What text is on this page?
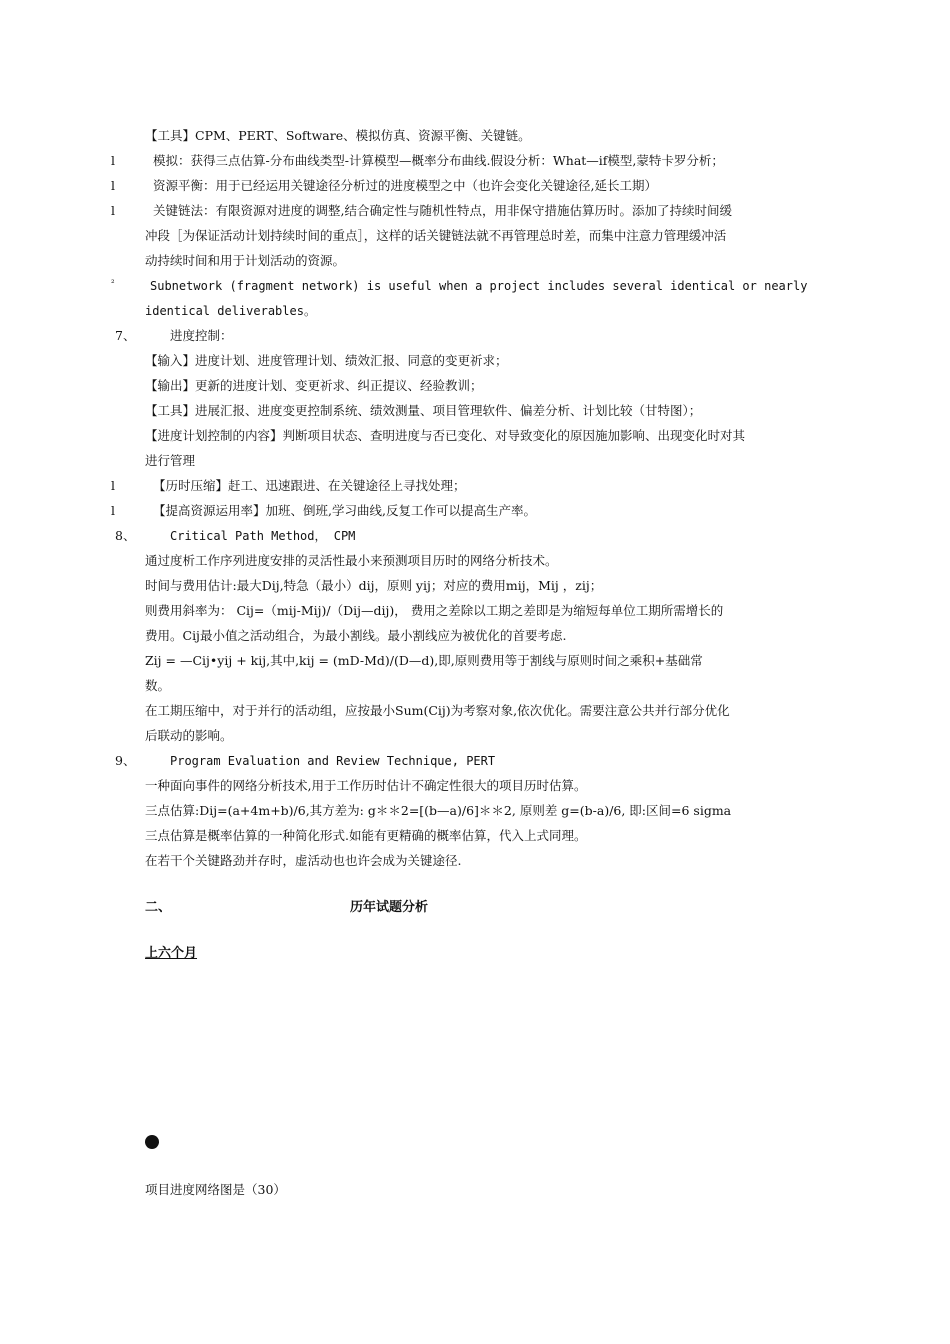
【工具】CPM、PERT、Software、模拟仿真、资源平衡、关键链。
l	模拟：获得三点估算-分布曲线类型-计算模型—概率分布曲线.假设分析：What—if模型,蒙特卡罗分析；
l	资源平衡：用于已经运用关键途径分析过的进度模型之中（也许会变化关键途径,延长工期）
l	关键链法：有限资源对进度的调整,结合确定性与随机性特点，用非保守措施估算历时。添加了持续时间缓
冲段［为保证活动计划持续时间的重点］，这样的话关键链法就不再管理总时差，而集中注意力管理缓冲活
动持续时间和用于计划活动的资源。
²	Subnetwork (fragment network) is useful when a project includes several identical or nearly
identical deliverables。
7、	进度控制：
【输入】进度计划、进度管理计划、绩效汇报、同意的变更祈求；
【输出】更新的进度计划、变更祈求、纠正提议、经验教训；
【工具】进展汇报、进度变更控制系统、绩效测量、项目管理软件、偏差分析、计划比较（甘特图）；
【进度计划控制的内容】判断项目状态、查明进度与否已变化、对导致变化的原因施加影响、出现变化时对其
进行管理
l	【历时压缩】赶工、迅速跟进、在关键途径上寻找处理；
l	【提高资源运用率】加班、倒班,学习曲线,反复工作可以提高生产率。
8、	Critical Path Method， CPM
通过度析工作序列进度安排的灵活性最小来预测项目历时的网络分析技术。
时间与费用估计:最大Dij,特急（最小）dij，原则 yij；对应的费用mij，Mij ，zij；
则费用斜率为： Cij=（mij-Mij)/（Dij—dij)， 费用之差除以工期之差即是为缩短每单位工期所需增长的
费用。Cij最小值之活动组合，为最小割线。最小割线应为被优化的首要考虑.
Zij = —Cij•yij + kij,其中,kij = (mD-Md)/(D—d),即,原则费用等于割线与原则时间之乘积+基础常
数。
在工期压缩中，对于并行的活动组，应按最小Sum(Cij)为考察对象,依次优化。需要注意公共并行部分优化
后联动的影响。
9、	Program Evaluation and Review Technique, PERT
一种面向事件的网络分析技术,用于工作历时估计不确定性很大的项目历时估算。
三点估算:Dij=(a+4m+b)/6,其方差为: g＊＊2=[(b—a)/6]＊＊2, 原则差 g=(b-a)/6, 即:区间=6 sigma
三点估算是概率估算的一种简化形式.如能有更精确的概率估算，代入上式同理。
在若干个关键路劲并存时，虚活动也也许会成为关键途径.
二、	历年试题分析
上六个月
项目进度网络图是（30）
